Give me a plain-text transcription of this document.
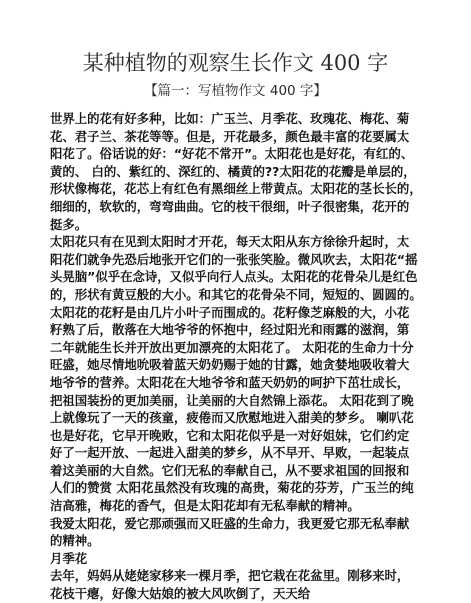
某种植物的观察生长作文 400 字
【篇一：写植物作文 400 字】
世界上的花有好多种，比如：广玉兰、月季花、玫瑰花、梅花、菊
花、君子兰、茶花等等。但是，开花最多，颜色最丰富的花要属太
阳花了。俗话说的好：“好花不常开”。太阳花也是好花，有红的、
黄的、 白的、紫红的、深红的、橘黄的??太阳花的花瓣是单层的，
形状像梅花，花芯上有红色有黑细丝上带黄点。太阳花的茎长长的，
细细的，软软的，弯弯曲曲。它的枝干很细，叶子很密集，花开的
挺多。
太阳花只有在见到太阳时才开花，每天太阳从东方徐徐升起时，太
阳花们就争先恐后地张开它们的一张张笑脸。微风吹去，太阳花“摇
头晃脑”似乎在念诗，又似乎向行人点头。太阳花的花骨朵儿是红色
的，形状有黄豆般的大小。和其它的花骨朵不同，短短的、圆圆的。
太阳花的花籽是由几片小叶子而围成的。花籽像芝麻般的大，小花
籽熟了后，散落在大地爷爷的怀抱中，经过阳光和雨露的滋润，第
二年就能生长并开放出更加漂亮的太阳花了。 太阳花的生命力十分
旺盛，她尽情地吮吸着蓝天奶奶赐于她的甘露，她贪婪地吸收着大
地爷爷的营养。太阳花在大地爷爷和蓝天奶奶的呵护下茁壮成长，
把祖国装扮的更加美丽，让美丽的大自然锦上添花。 太阳花到了晚
上就像玩了一天的孩童，疲倦而又欣慰地进入甜美的梦乡。 喇叭花
也是好花，它早开晚败，它和太阳花似乎是一对好姐妹，它们约定
好了一起开放、一起进入甜美的梦乡，从不早开、早败，一起装点
着这美丽的大自然。它们无私的奉献自己，从不要求祖国的回报和
人们的赞赏 太阳花虽然没有玫瑰的高贵，菊花的芬芳，广玉兰的纯
洁高雅，梅花的香气，但是太阳花却有无私奉献的精神。
我爱太阳花，爱它那顽强而又旺盛的生命力，我更爱它那无私奉献
的精神。
月季花
去年，妈妈从姥姥家移来一棵月季，把它栽在花盆里。刚移来时，
花枝干瘪，好像大姑娘的被大风吹倒了，天天给
